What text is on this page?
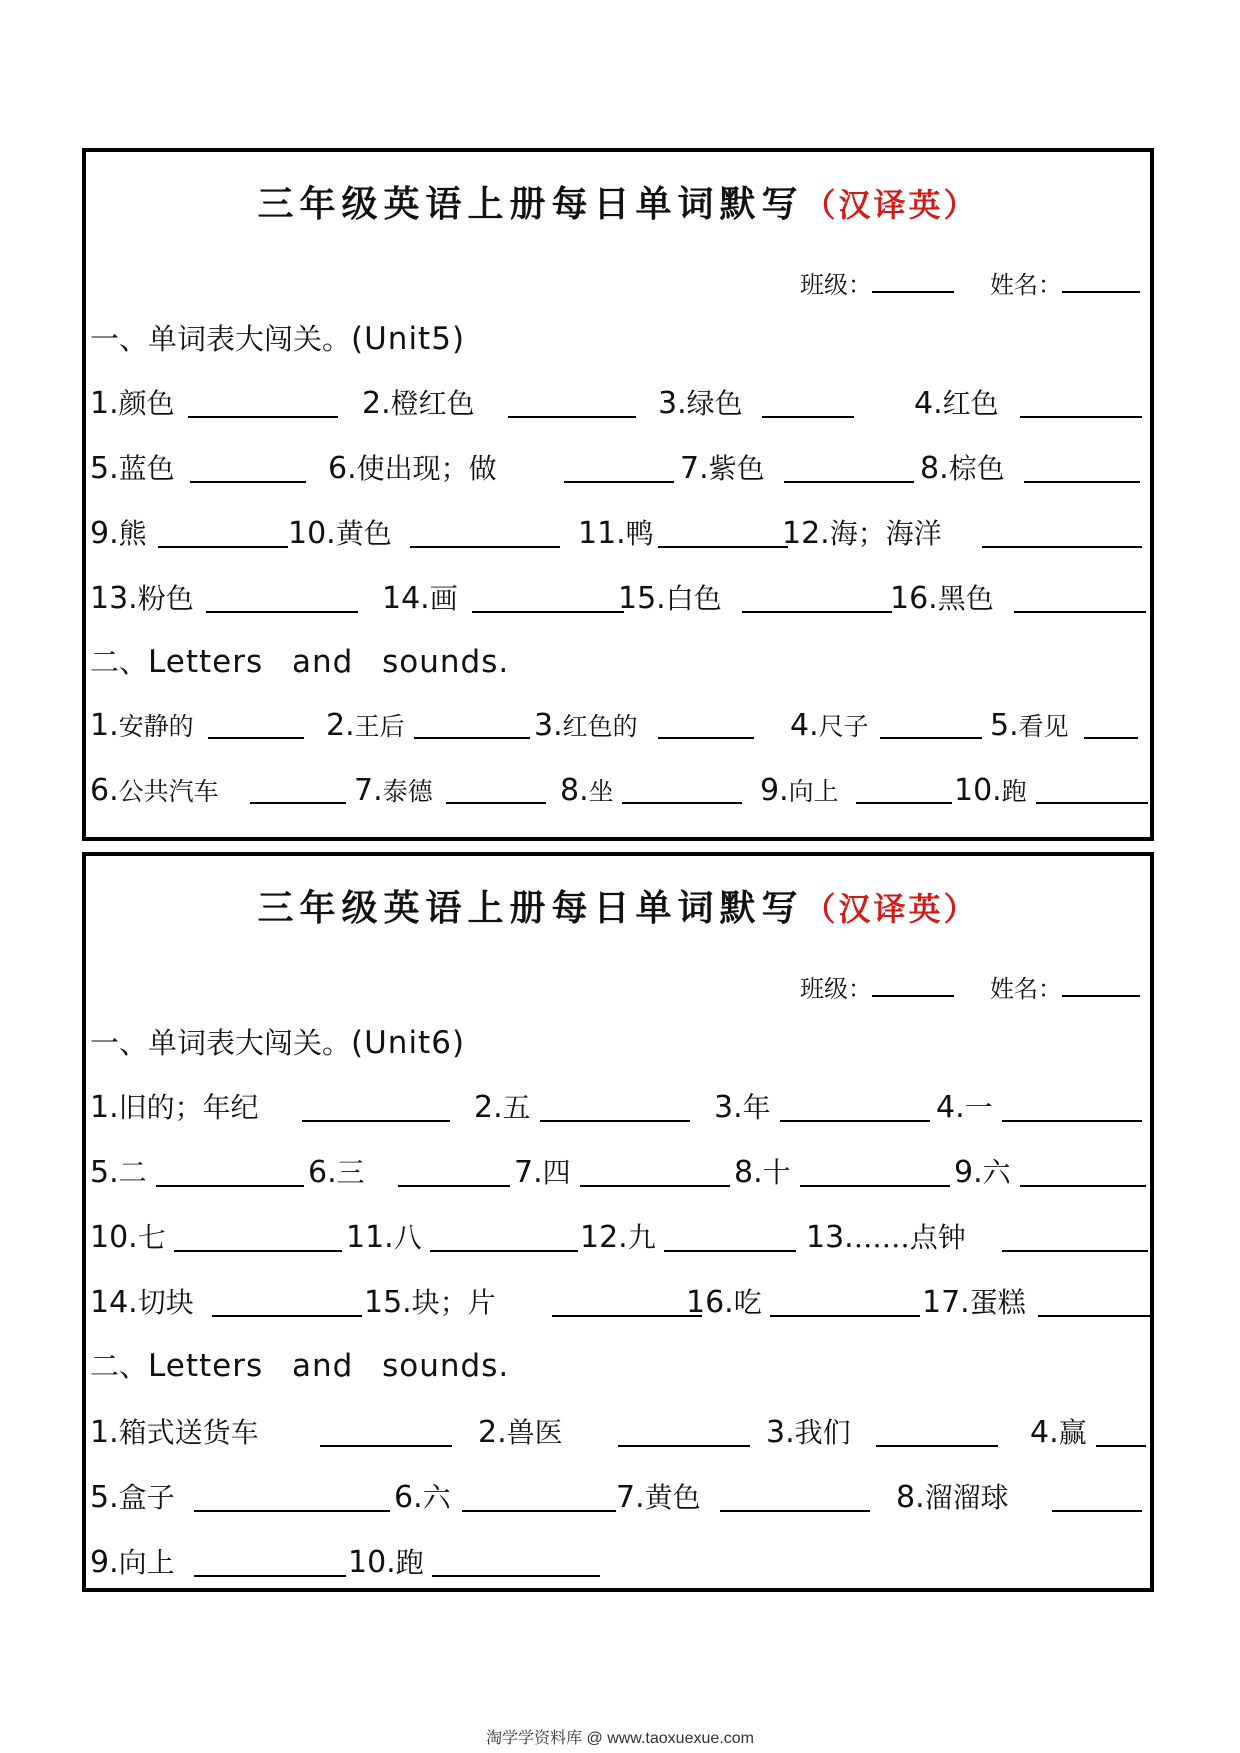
三年级英语上册每日单词默写（汉译英）
班级：	姓名：
一、单词表大闯关。(Unit5)
1.颜色	2.橙红色	3.绿色	4.红色
5.蓝色	6.使出现；做	7.紫色	8.棕色
9.熊	10.黄色	11.鸭	12.海；海洋
13.粉色	14.画	15.白色	16.黑色
二、Letters and sounds.
1.安静的	2.王后	3.红色的	4.尺子	5.看见
6.公共汽车	7.泰德	8.坐	9.向上	10.跑
三年级英语上册每日单词默写（汉译英）
班级：	姓名：
一、单词表大闯关。(Unit6)
1.旧的；年纪	2.五	3.年	4.一
5.二	6.三	7.四	8.十	9.六
10.七	11.八	12.九	13.……点钟
14.切块	15.块；片	16.吃	17.蛋糕
二、Letters and sounds.
1.箱式送货车	2.兽医	3.我们	4.赢
5.盒子	6.六	7.黄色	8.溜溜球
9.向上	10.跑
淘学学资料库 @ www.taoxuexue.com
